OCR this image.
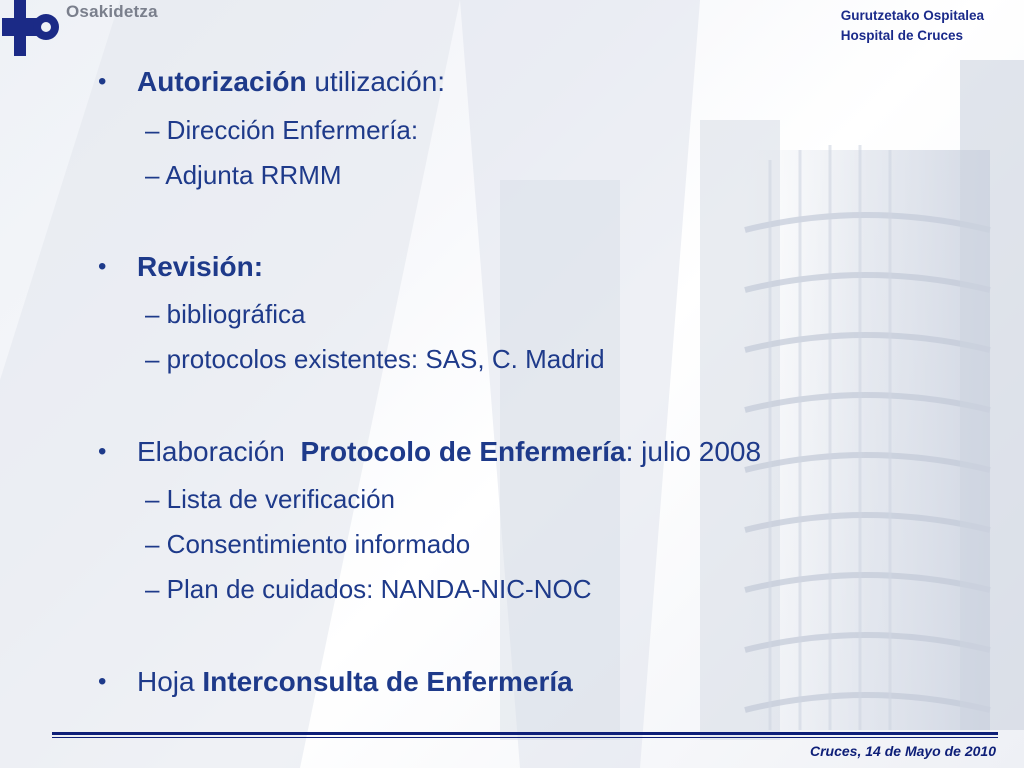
Osakidetza	Gurutzetako Ospitalea
Hospital de Cruces
• Autorización utilización:
– Dirección Enfermería:
– Adjunta RRMM
• Revisión:
– bibliográfica
– protocolos existentes: SAS, C. Madrid
• Elaboración  Protocolo de Enfermería: julio 2008
– Lista de verificación
– Consentimiento informado
– Plan de cuidados: NANDA-NIC-NOC
• Hoja Interconsulta de Enfermería
Cruces, 14 de Mayo de 2010
